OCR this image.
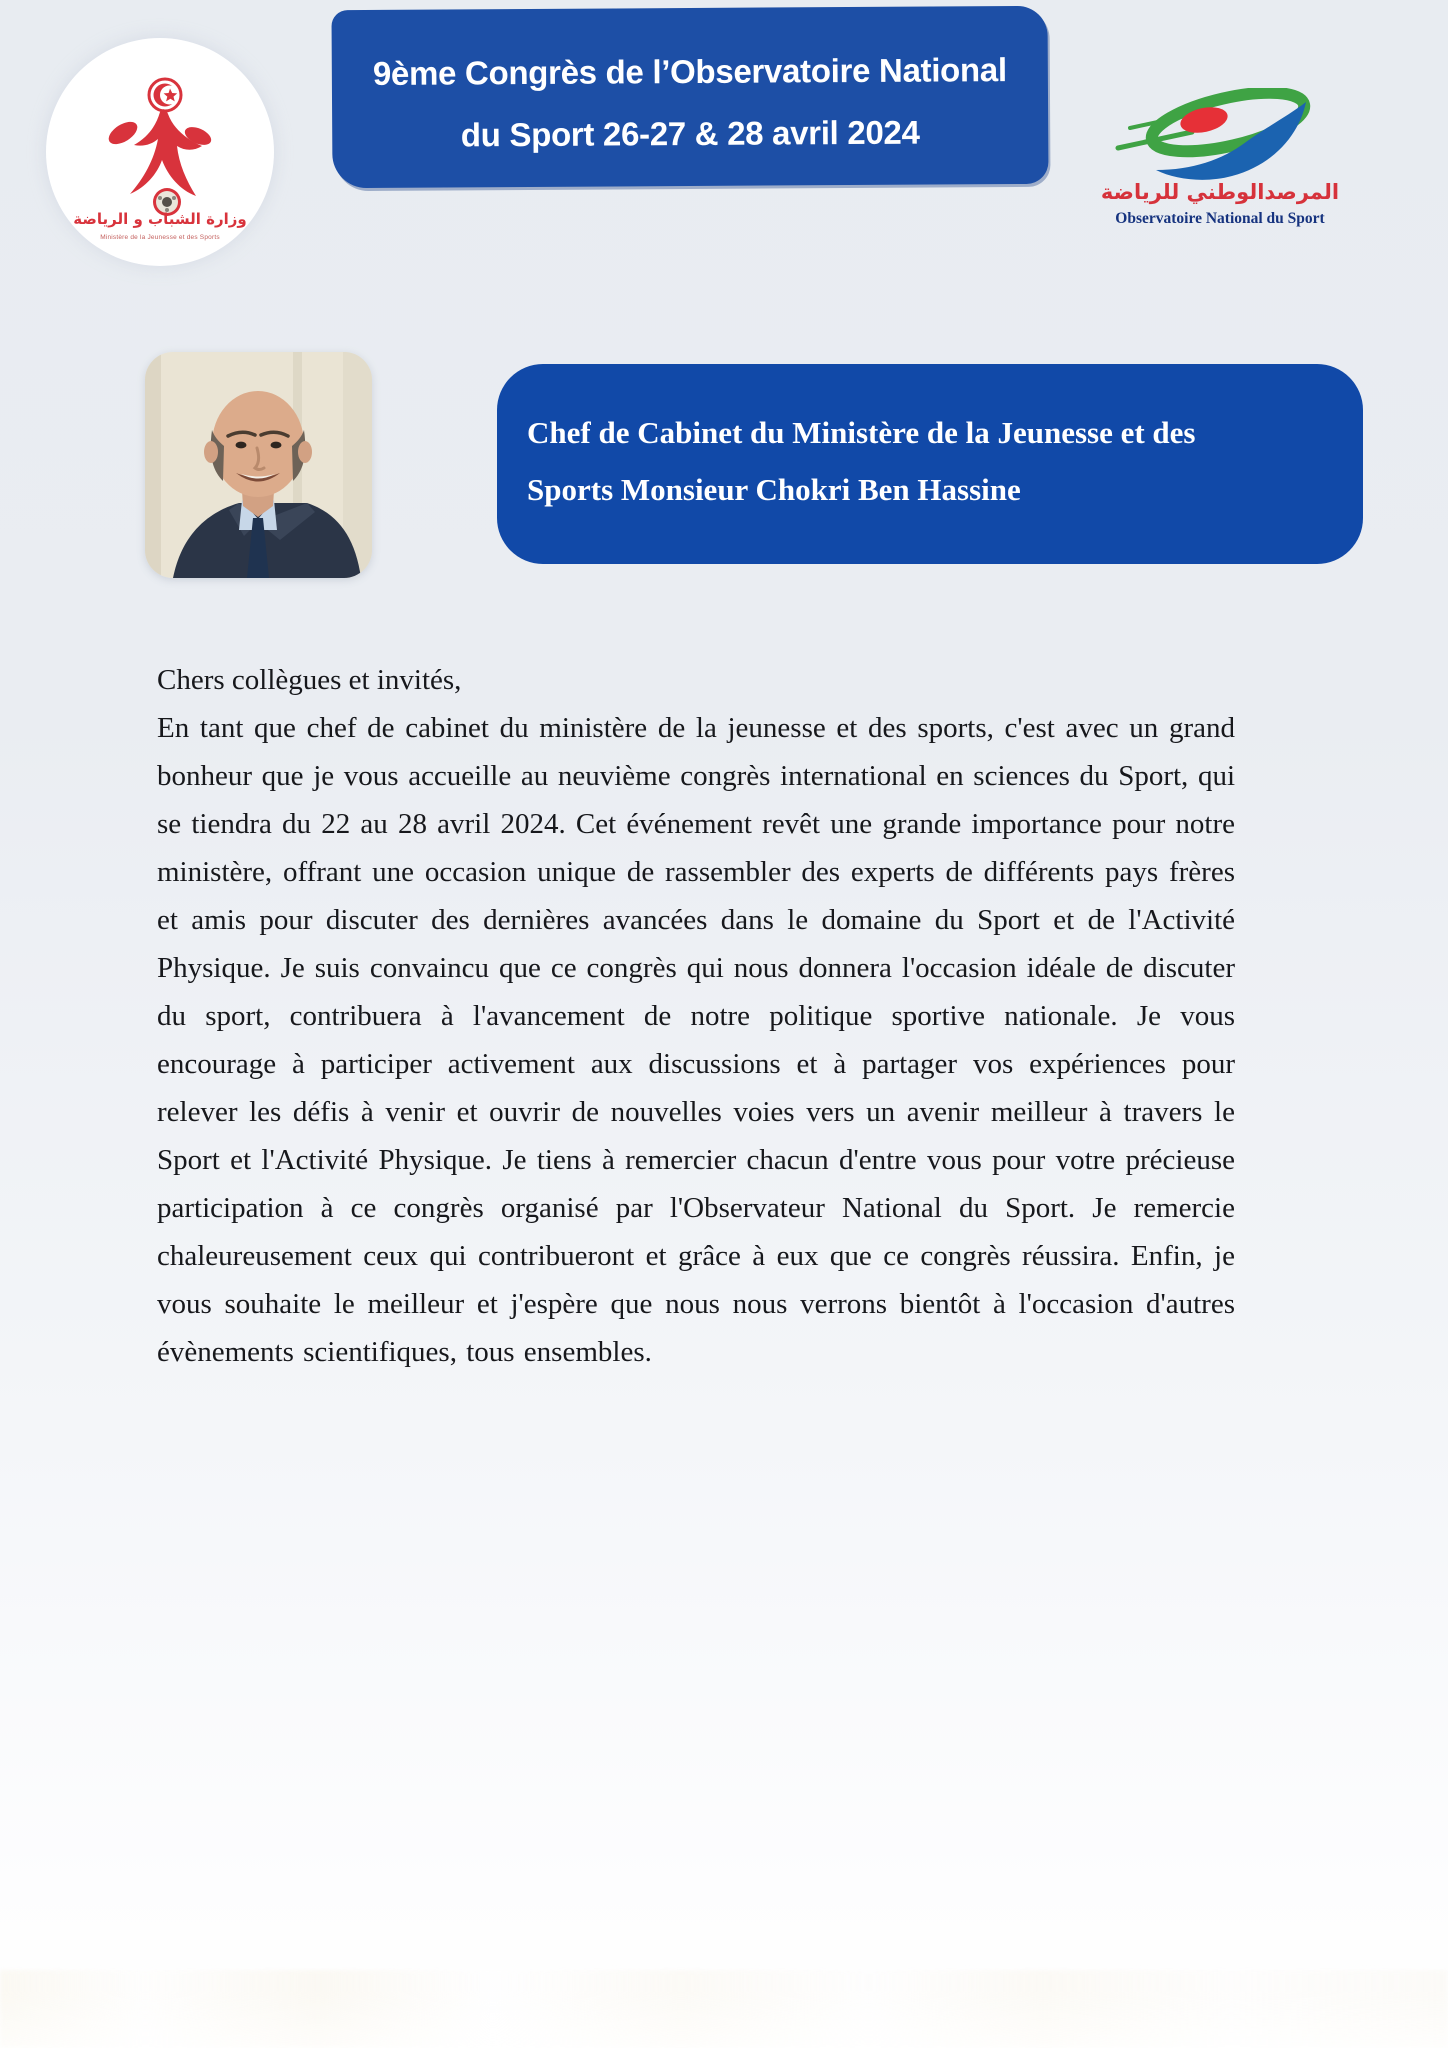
وزارة الشباب و الرياضة
Ministère de la Jeunesse et des Sports
9ème Congrès de l’Observatoire National
du Sport 26-27 & 28 avril 2024
المرصدالوطني للرياضة
Observatoire National du Sport
Chef de Cabinet du Ministère de la Jeunesse et des
Sports Monsieur Chokri Ben Hassine

Chers collègues et invités,

En tant que chef de cabinet du ministère de la jeunesse et des sports, c'est avec un grand bonheur que je vous accueille au neuvième congrès international en sciences du Sport, qui se tiendra du 22 au 28 avril 2024. Cet événement revêt une grande importance pour notre ministère, offrant une occasion unique de rassembler des experts de différents pays frères et amis pour discuter des dernières avancées dans le domaine du Sport et de l'Activité Physique. Je suis convaincu que ce congrès qui nous donnera l'occasion idéale de discuter du sport, contribuera à l'avancement de notre politique sportive nationale. Je vous encourage à participer activement aux discussions et à partager vos expériences pour relever les défis à venir et ouvrir de nouvelles voies vers un avenir meilleur à travers le Sport et l'Activité Physique. Je tiens à remercier chacun d'entre vous pour votre précieuse participation à ce congrès organisé par l'Observateur National du Sport. Je remercie chaleureusement ceux qui contribueront et grâce à eux que ce congrès réussira. Enfin, je vous souhaite le meilleur et j'espère que nous nous verrons bientôt à l'occasion d'autres évènements scientifiques, tous ensembles.
